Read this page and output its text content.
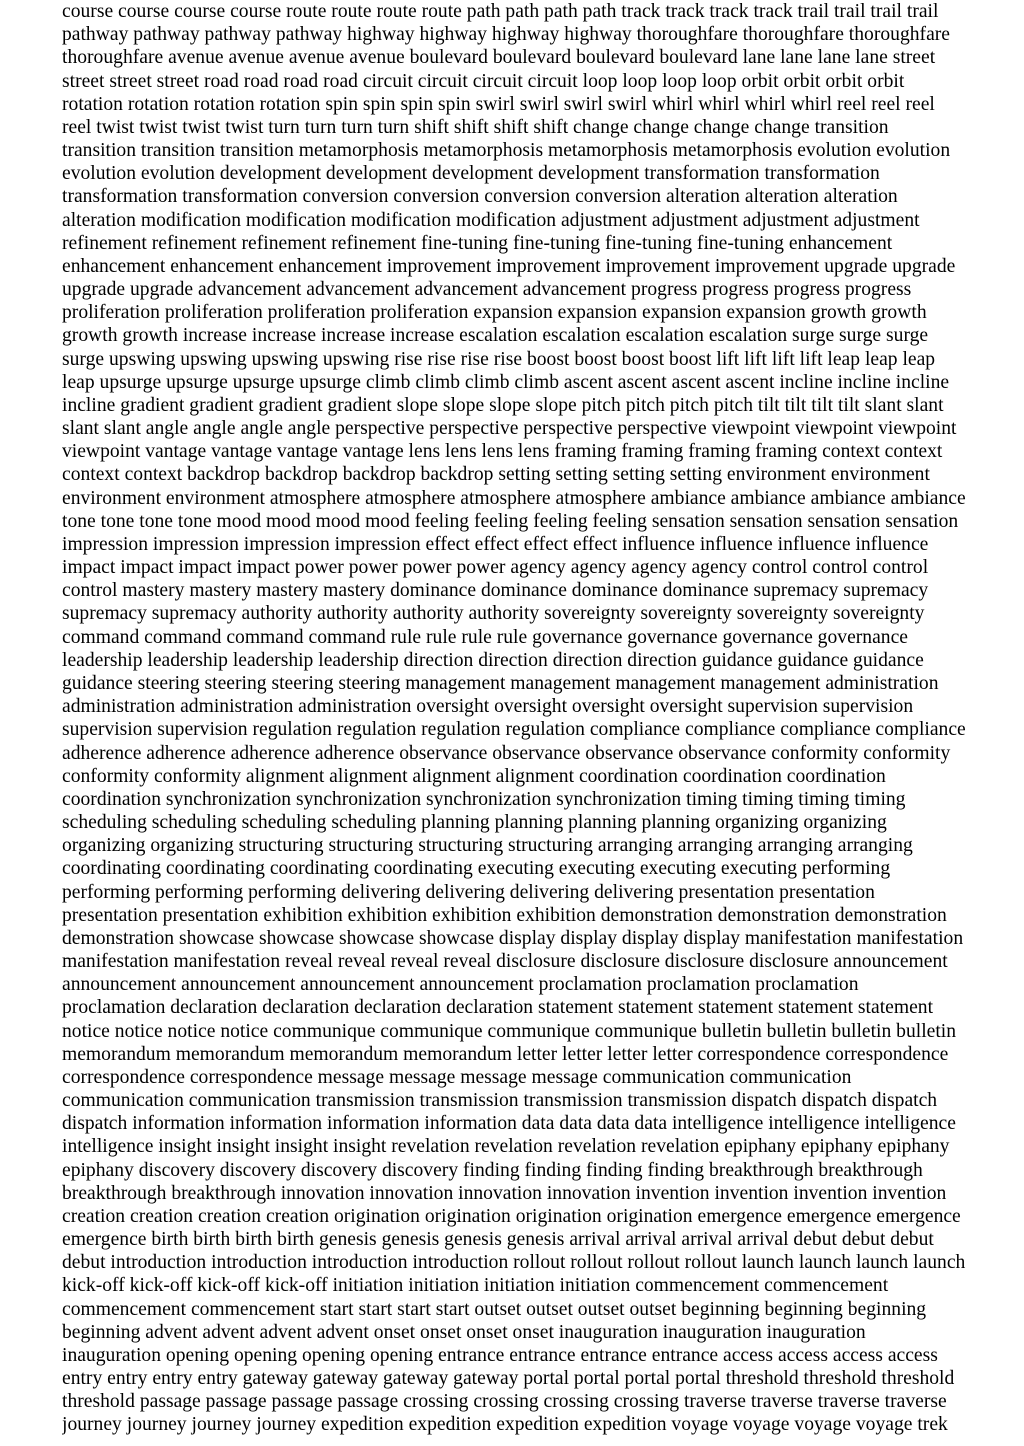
course course course course route route route route path path path path track track track track trail trail trail trail
pathway pathway pathway pathway highway highway highway highway thoroughfare thoroughfare thoroughfare
thoroughfare avenue avenue avenue avenue boulevard boulevard boulevard boulevard lane lane lane lane street
street street street road road road road circuit circuit circuit circuit loop loop loop loop orbit orbit orbit orbit
rotation rotation rotation rotation spin spin spin spin swirl swirl swirl swirl whirl whirl whirl whirl reel reel reel
reel twist twist twist twist turn turn turn turn shift shift shift shift change change change change transition
transition transition transition metamorphosis metamorphosis metamorphosis metamorphosis evolution evolution
evolution evolution development development development development transformation transformation
transformation transformation conversion conversion conversion conversion alteration alteration alteration
alteration modification modification modification modification adjustment adjustment adjustment adjustment
refinement refinement refinement refinement fine-tuning fine-tuning fine-tuning fine-tuning enhancement
enhancement enhancement enhancement improvement improvement improvement improvement upgrade upgrade
upgrade upgrade advancement advancement advancement advancement progress progress progress progress
proliferation proliferation proliferation proliferation expansion expansion expansion expansion growth growth
growth growth increase increase increase increase escalation escalation escalation escalation surge surge surge
surge upswing upswing upswing upswing rise rise rise rise boost boost boost boost lift lift lift lift leap leap leap
leap upsurge upsurge upsurge upsurge climb climb climb climb ascent ascent ascent ascent incline incline incline
incline gradient gradient gradient gradient slope slope slope slope pitch pitch pitch pitch tilt tilt tilt tilt slant slant
slant slant angle angle angle angle perspective perspective perspective perspective viewpoint viewpoint viewpoint
viewpoint vantage vantage vantage vantage lens lens lens lens framing framing framing framing context context
context context backdrop backdrop backdrop backdrop setting setting setting setting environment environment
environment environment atmosphere atmosphere atmosphere atmosphere ambiance ambiance ambiance ambiance
tone tone tone tone mood mood mood mood feeling feeling feeling feeling sensation sensation sensation sensation
impression impression impression impression effect effect effect effect influence influence influence influence
impact impact impact impact power power power power agency agency agency agency control control control
control mastery mastery mastery mastery dominance dominance dominance dominance supremacy supremacy
supremacy supremacy authority authority authority authority sovereignty sovereignty sovereignty sovereignty
command command command command rule rule rule rule governance governance governance governance
leadership leadership leadership leadership direction direction direction direction guidance guidance guidance
guidance steering steering steering steering management management management management administration
administration administration administration oversight oversight oversight oversight supervision supervision
supervision supervision regulation regulation regulation regulation compliance compliance compliance compliance
adherence adherence adherence adherence observance observance observance observance conformity conformity
conformity conformity alignment alignment alignment alignment coordination coordination coordination
coordination synchronization synchronization synchronization synchronization timing timing timing timing
scheduling scheduling scheduling scheduling planning planning planning planning organizing organizing
organizing organizing structuring structuring structuring structuring arranging arranging arranging arranging
coordinating coordinating coordinating coordinating executing executing executing executing performing
performing performing performing delivering delivering delivering delivering presentation presentation
presentation presentation exhibition exhibition exhibition exhibition demonstration demonstration demonstration
demonstration showcase showcase showcase showcase display display display display manifestation manifestation
manifestation manifestation reveal reveal reveal reveal disclosure disclosure disclosure disclosure announcement
announcement announcement announcement announcement proclamation proclamation proclamation
proclamation declaration declaration declaration declaration statement statement statement statement statement
notice notice notice notice communique communique communique communique bulletin bulletin bulletin bulletin
memorandum memorandum memorandum memorandum letter letter letter letter correspondence correspondence
correspondence correspondence message message message message communication communication
communication communication transmission transmission transmission transmission dispatch dispatch dispatch
dispatch information information information information data data data data intelligence intelligence intelligence
intelligence insight insight insight insight revelation revelation revelation revelation epiphany epiphany epiphany
epiphany discovery discovery discovery discovery finding finding finding finding breakthrough breakthrough
breakthrough breakthrough innovation innovation innovation innovation invention invention invention invention
creation creation creation creation origination origination origination origination emergence emergence emergence
emergence birth birth birth birth genesis genesis genesis genesis arrival arrival arrival arrival debut debut debut
debut introduction introduction introduction introduction rollout rollout rollout rollout launch launch launch launch
kick-off kick-off kick-off kick-off initiation initiation initiation initiation commencement commencement
commencement commencement start start start start outset outset outset outset beginning beginning beginning
beginning advent advent advent advent onset onset onset onset inauguration inauguration inauguration
inauguration opening opening opening opening entrance entrance entrance entrance access access access access
entry entry entry entry gateway gateway gateway gateway portal portal portal portal threshold threshold threshold
threshold passage passage passage passage crossing crossing crossing crossing traverse traverse traverse traverse
journey journey journey journey expedition expedition expedition expedition voyage voyage voyage voyage trek
